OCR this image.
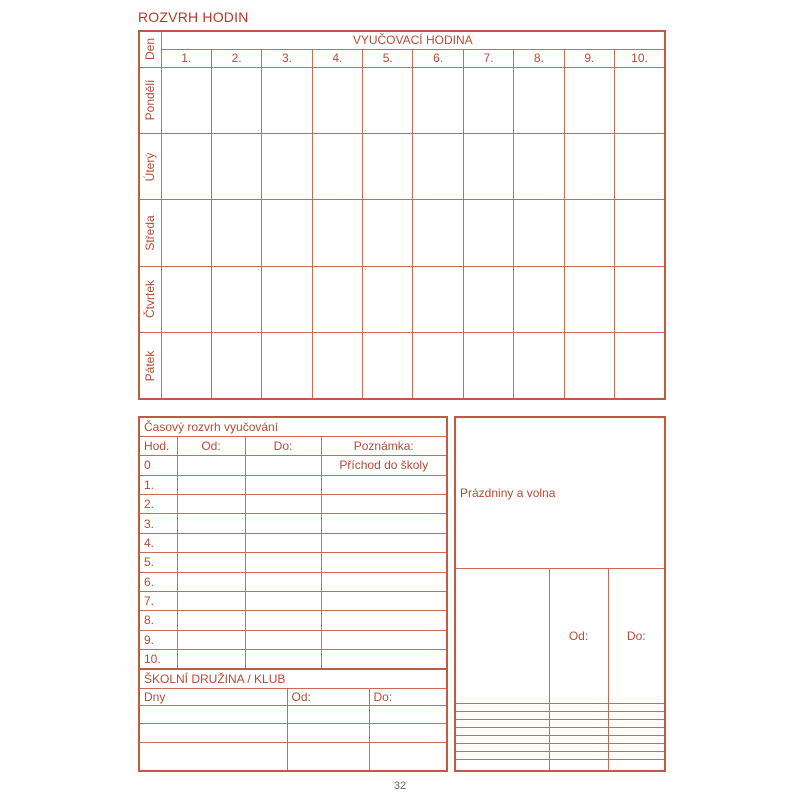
ROZVRH HODIN
Den	VYUČOVACÍ HODINA									
	1.	2.	3.	4.	5.	6.	7.	8.	9.	10.

Pondělí										

Úterý										

Středa										

Čtvrtek										

Pátek										

Časový rozvrh vyučování			
Hod.	Od:	Do:	Poznámka:
0			Příchod do školy
1.			
2.			
3.			
4.			
5.			
6.			
7.			
8.			
9.			
10.			
ŠKOLNÍ DRUŽINA / KLUB		
Dny	Od:	Do:

Prázdniny a volna		
	Od:	Do:

32
